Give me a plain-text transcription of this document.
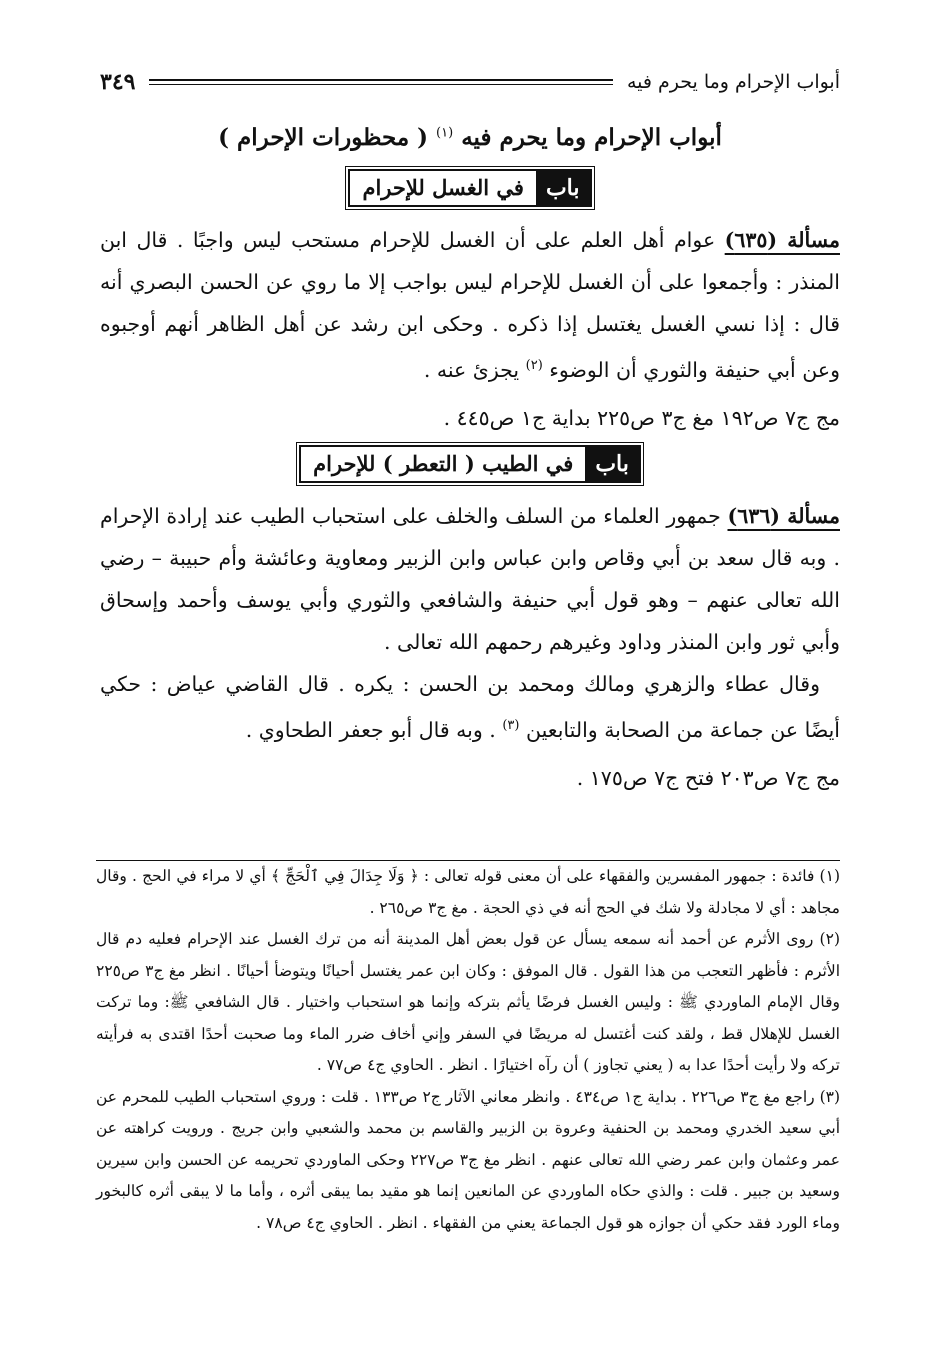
أبواب الإحرام وما يحرم فيه
٣٤٩
أبواب الإحرام وما يحرم فيه $^{(١)}$ ( محظورات الإحرام )
باب
في الغسل للإحرام

مسألة (٦٣٥) عوام أهل العلم على أن الغسل للإحرام مستحب ليس واجبًا . قال ابن المنذر : وأجمعوا على أن الغسل للإحرام ليس بواجب إلا ما روي عن الحسن البصري أنه قال : إذا نسي الغسل يغتسل إذا ذكره . وحكى ابن رشد عن أهل الظاهر أنهم أوجبوه وعن أبي حنيفة والثوري أن الوضوء $^{(٢)}$ يجزئ عنه .

مج ج٧ ص١٩٢ مغ ج٣ ص٢٢٥ بداية ج١ ص٤٤٥ .

باب
في الطيب ( التعطر ) للإحرام

مسألة (٦٣٦) جمهور العلماء من السلف والخلف على استحباب الطيب عند إرادة الإحرام . وبه قال سعد بن أبي وقاص وابن عباس وابن الزبير ومعاوية وعائشة وأم حبيبة – رضي الله تعالى عنهم – وهو قول أبي حنيفة والشافعي والثوري وأبي يوسف وأحمد وإسحاق وأبي ثور وابن المنذر وداود وغيرهم رحمهم الله تعالى .

وقال عطاء والزهري ومالك ومحمد بن الحسن : يكره . قال القاضي عياض : حكي أيضًا عن جماعة من الصحابة والتابعين $^{(٣)}$ . وبه قال أبو جعفر الطحاوي .

مج ج٧ ص٢٠٣ فتح ج٧ ص١٧٥ .

(١) فائدة : جمهور المفسرين والفقهاء على أن معنى قوله تعالى : ﴿ وَلَا جِدَالَ فِي ٱلْحَجِّ ﴾ أي لا مراء في الحج . وقال مجاهد : أي لا مجادلة ولا شك في الحج أنه في ذي الحجة . مغ ج٣ ص٢٦٥ .

(٢) روى الأثرم عن أحمد أنه سمعه يسأل عن قول بعض أهل المدينة أنه من ترك الغسل عند الإحرام فعليه دم قال الأثرم : فأظهر التعجب من هذا القول . قال الموفق : وكان ابن عمر يغتسل أحيانًا ويتوضأ أحيانًا . انظر مغ ج٣ ص٢٢٥ وقال الإمام الماوردي ﷺ : وليس الغسل فرضًا يأثم بتركه وإنما هو استحباب واختيار . قال الشافعي ﷺ: وما تركت الغسل للإهلال قط ، ولقد كنت أغتسل له مريضًا في السفر وإني أخاف ضرر الماء وما صحبت أحدًا اقتدى به فرأيته تركه ولا رأيت أحدًا عدا به ( يعني تجاوز ) أن رآه اختيارًا . انظر . الحاوي ج٤ ص٧٧ .

(٣) راجع مغ ج٣ ص٢٢٦ . بداية ج١ ص٤٣٤ . وانظر معاني الآثار ج٢ ص١٣٣ . قلت : وروي استحباب الطيب للمحرم عن أبي سعيد الخدري ومحمد بن الحنفية وعروة بن الزبير والقاسم بن محمد والشعبي وابن جريج . ورويت كراهته عن عمر وعثمان وابن عمر رضي الله تعالى عنهم . انظر مغ ج٣ ص٢٢٧ وحكى الماوردي تحريمه عن الحسن وابن سيرين وسعيد بن جبير . قلت : والذي حكاه الماوردي عن المانعين إنما هو مقيد بما يبقى أثره ، وأما ما لا يبقى أثره كالبخور وماء الورد فقد حكي أن جوازه هو قول الجماعة يعني من الفقهاء . انظر . الحاوي ج٤ ص٧٨ .
